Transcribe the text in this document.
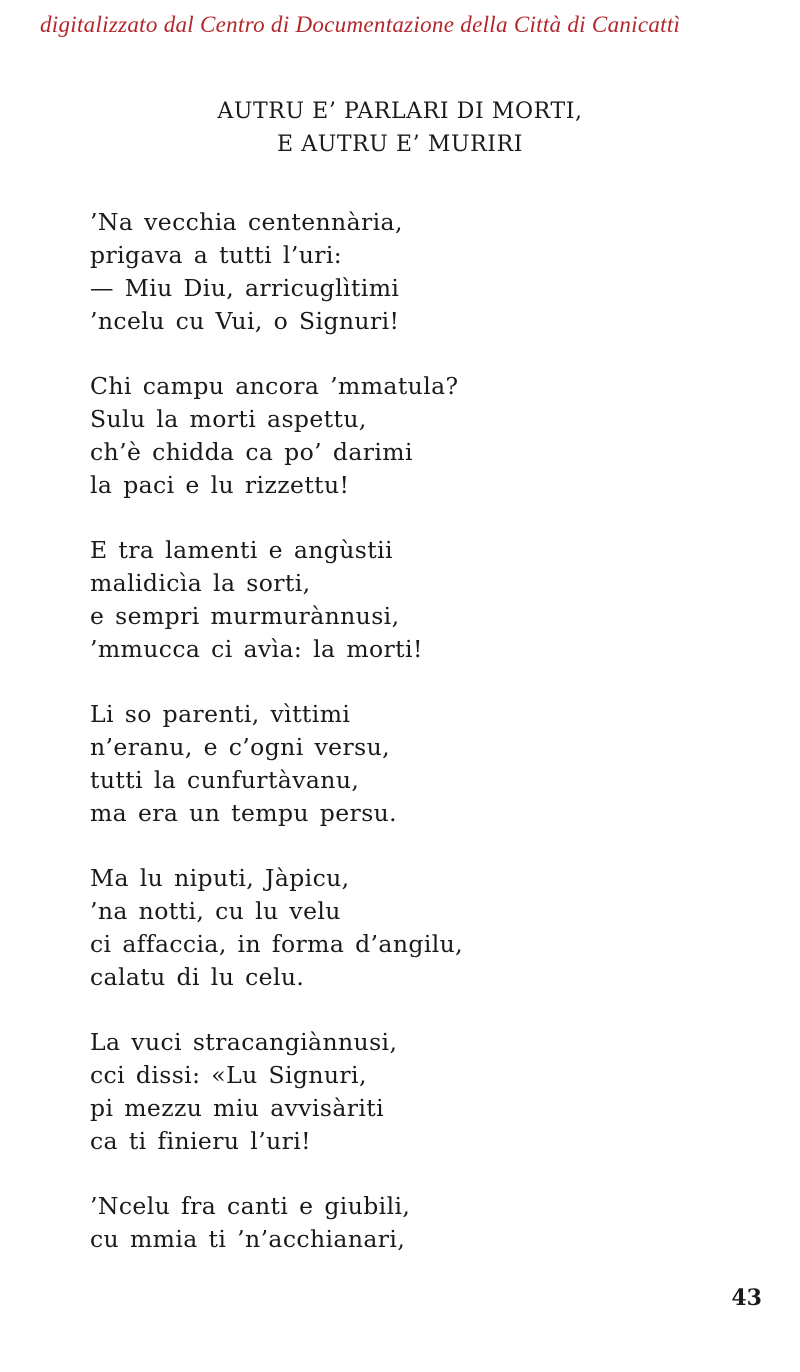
digitalizzato dal Centro di Documentazione della Città di Canicattì
AUTRU E’ PARLARI DI MORTI,
E AUTRU E’ MURIRI
’Na vecchia centennària,
prigava a tutti l’uri:
— Miu Diu, arricuglìtimi
’ncelu cu Vui, o Signuri!
Chi campu ancora ’mmatula?
Sulu la morti aspettu,
ch’è chidda ca po’ darimi
la paci e lu rizzettu!
E tra lamenti e angùstii
malidicìa la sorti,
e sempri murmurànnusi,
’mmucca ci avìa: la morti!
Li so parenti, vìttimi
n’eranu, e c’ogni versu,
tutti la cunfurtàvanu,
ma era un tempu persu.
Ma lu niputi, Jàpicu,
’na notti, cu lu velu
ci affaccia, in forma d’angilu,
calatu di lu celu.
La vuci stracangiànnusi,
cci dissi: «Lu Signuri,
pi mezzu miu avvisàriti
ca ti finieru l’uri!
’Ncelu fra canti e giubili,
cu mmia ti ’n’acchianari,
43
